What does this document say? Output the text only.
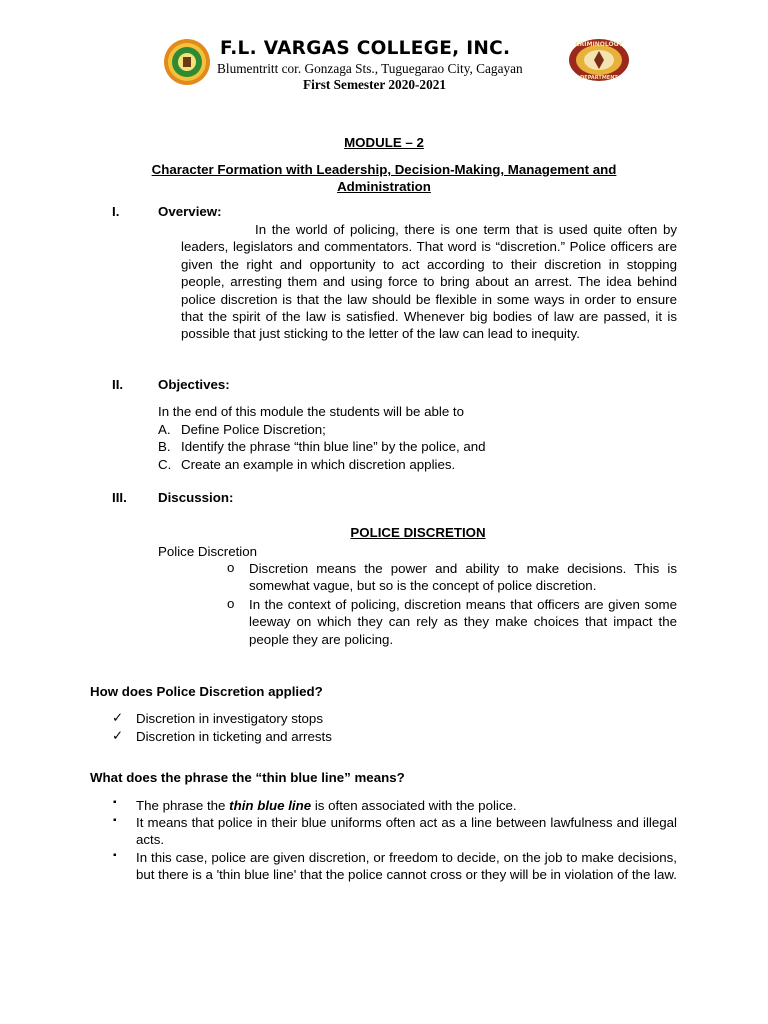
F.L. VARGAS COLLEGE, INC.
Blumentritt cor. Gonzaga Sts., Tuguegarao City, Cagayan
First Semester 2020-2021
CRIMINOLOGY
DEPARTMENT
MODULE – 2
Character Formation with Leadership, Decision-Making, Management and Administration
I.	Overview:
In the world of policing, there is one term that is used quite often by leaders, legislators and commentators. That word is “discretion.” Police officers are given the right and opportunity to act according to their discretion in stopping people, arresting them and using force to bring about an arrest. The idea behind police discretion is that the law should be flexible in some ways in order to ensure that the spirit of the law is satisfied. Whenever big bodies of law are passed, it is possible that just sticking to the letter of the law can lead to inequity.
II.	Objectives:
In the end of this module the students will be able to
A. Define Police Discretion;
B. Identify the phrase “thin blue line” by the police, and
C. Create an example in which discretion applies.
III. Discussion:
POLICE DISCRETION
Police Discretion
o Discretion means the power and ability to make decisions. This is somewhat vague, but so is the concept of police discretion.
o In the context of policing, discretion means that officers are given some leeway on which they can rely as they make choices that impact the people they are policing.
How does Police Discretion applied?
✓ Discretion in investigatory stops
✓ Discretion in ticketing and arrests
What does the phrase the “thin blue line” means?
▪ The phrase the thin blue line is often associated with the police.
▪ It means that police in their blue uniforms often act as a line between lawfulness and illegal acts.
▪ In this case, police are given discretion, or freedom to decide, on the job to make decisions, but there is a 'thin blue line' that the police cannot cross or they will be in violation of the law.
